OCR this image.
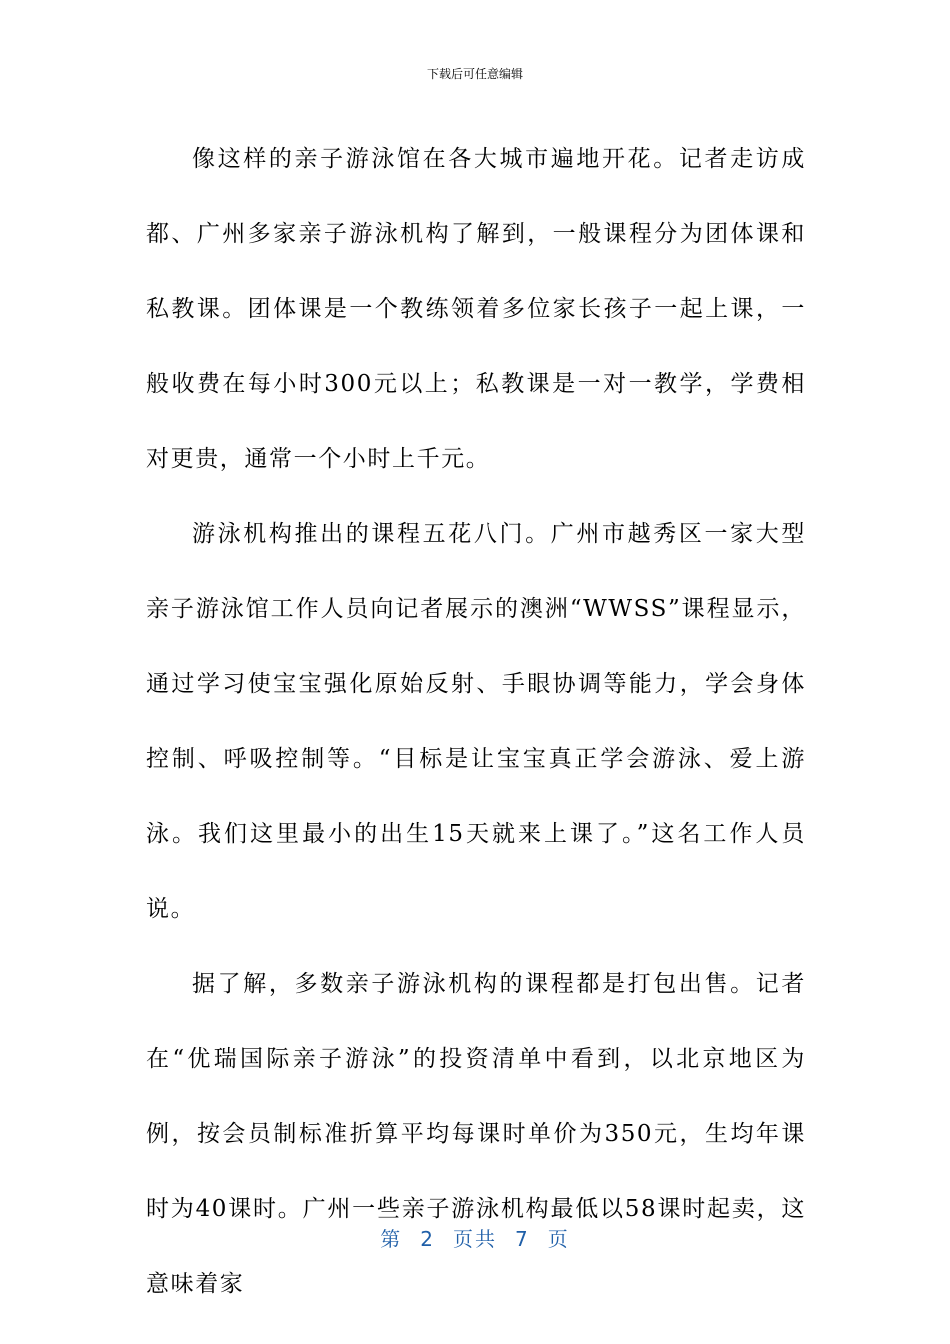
下载后可任意编辑

像这样的亲子游泳馆在各大城市遍地开花。记者走访成都、广州多家亲子游泳机构了解到，一般课程分为团体课和私教课。团体课是一个教练领着多位家长孩子一起上课，一般收费在每小时300元以上；私教课是一对一教学，学费相对更贵，通常一个小时上千元。

游泳机构推出的课程五花八门。广州市越秀区一家大型亲子游泳馆工作人员向记者展示的澳洲“WWSS”课程显示，通过学习使宝宝强化原始反射、手眼协调等能力，学会身体控制、呼吸控制等。“目标是让宝宝真正学会游泳、爱上游泳。我们这里最小的出生15天就来上课了。”这名工作人员说。

据了解，多数亲子游泳机构的课程都是打包出售。记者在“优瑞国际亲子游泳”的投资清单中看到，以北京地区为例，按会员制标准折算平均每课时单价为350元，生均年课时为40课时。广州一些亲子游泳机构最低以58课时起卖，这意味着家

第 2 页共 7 页
